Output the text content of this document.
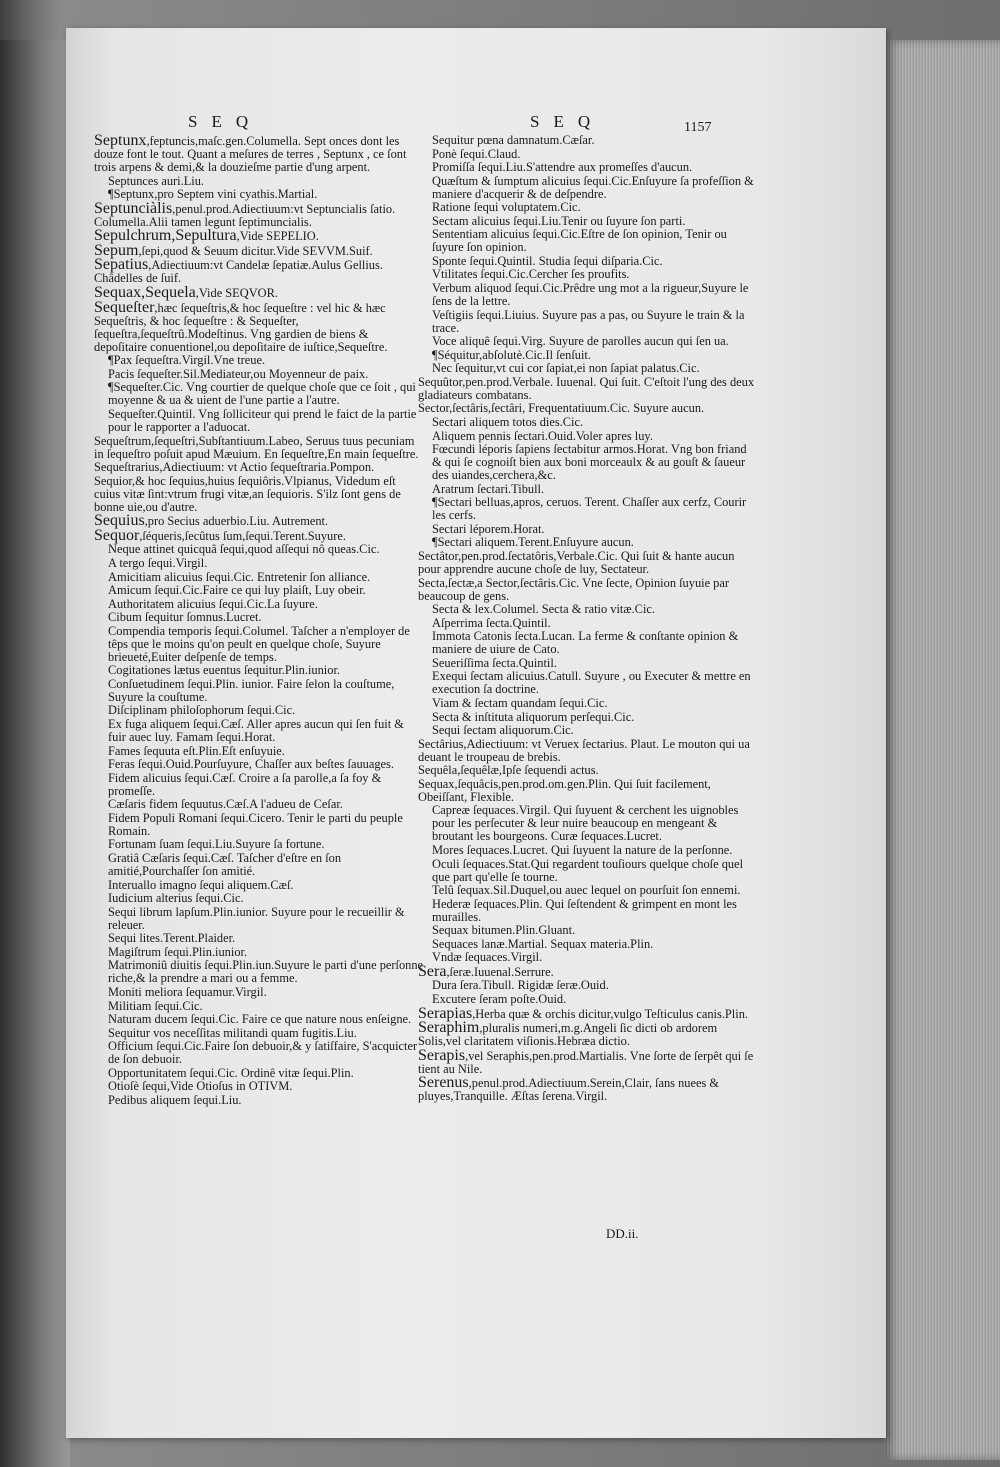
SEQ	SEQ	1157
Septunx,feptuncis,maſc.gen.Columella. Sept onces dont les douze font le tout. Quant a meſures de terres , Septunx , ce ſont trois arpens & demi,& la douzieſme partie d'ung arpent.
Septunces auri.Liu.
¶Septunx,pro Septem vini cyathis.Martial.
Septunciàlis,penul.prod.Adiectiuum:vt Septuncialis ſatio. Columella.Alii tamen legunt ſeptimuncialis.
Sepulchrum,Sepultura,Vide SEPELIO.
Sepum,ſepi,quod & Seuum dicitur.Vide SEVVM.Suif.
Sepatius,Adiectiuum:vt Candelæ ſepatiæ.Aulus Gellius. Châdelles de ſuif.
Sequax,Sequela,Vide SEQVOR.
Sequeſter,hæc ſequeſtris,& hoc ſequeſtre : vel hic & hæc Sequeſtris, & hoc ſequeſtre : & Sequeſter, ſequeſtra,ſequeſtrû.Modeſtinus. Vng gardien de biens & depoſitaire conuentionel,ou depoſitaire de iuſtice,Sequeſtre.
¶Pax ſequeſtra.Virgil.Vne treue.
Pacis ſequeſter.Sil.Mediateur,ou Moyenneur de paix.
¶Sequeſter.Cic. Vng courtier de quelque choſe que ce ſoit , qui moyenne & ua & uient de l'une partie a l'autre.
Sequeſter.Quintil. Vng ſolliciteur qui prend le faict de la partie pour le rapporter a l'aduocat.
Sequeſtrum,ſequeſtri,Subſtantiuum.Labeo, Seruus tuus pecuniam in ſequeſtro poſuit apud Mæuium. En ſequeſtre,En main ſequeſtre.
Sequeſtrarius,Adiectiuum: vt Actio ſequeſtraria.Pompon.
Sequior,& hoc ſequius,huius ſequiôris.Vlpianus, Videdum eſt cuius vitæ ſint:vtrum frugi vitæ,an ſequioris. S'ilz ſont gens de bonne uie,ou d'autre.
Sequius,pro Secius aduerbio.Liu. Autrement.
Sequor,ſéqueris,ſecûtus ſum,ſequi.Terent.Suyure.
Neque attinet quicquâ ſequi,quod aſſequi nô queas.Cic.
A tergo ſequi.Virgil.
Amicitiam alicuius ſequi.Cic. Entretenir ſon alliance.
Amicum ſequi.Cic.Faire ce qui luy plaiſt, Luy obeir.
Authoritatem alicuius ſequi.Cic.La ſuyure.
Cibum ſequitur ſomnus.Lucret.
Compendia temporis ſequi.Columel. Taſcher a n'employer de têps que le moins qu'on peult en quelque choſe, Suyure brieueté,Euiter deſpenſe de temps.
Cogitationes lætus euentus ſequitur.Plin.iunior.
Conſuetudinem ſequi.Plin. iunior. Faire ſelon la couſtume, Suyure la couſtume.
Diſciplinam philoſophorum ſequi.Cic.
Ex fuga aliquem ſequi.Cæſ. Aller apres aucun qui ſen fuit & fuir auec luy. Famam ſequi.Horat.
Fames ſequuta eſt.Plin.Eſt enſuyuie.
Feras ſequi.Ouid.Pourſuyure, Chaſſer aux beſtes ſauuages.
Fidem alicuius ſequi.Cæſ. Croire a ſa parolle,a ſa foy & promeſſe.
Cæſaris fidem ſequutus.Cæſ.A l'adueu de Ceſar.
Fidem Populi Romani ſequi.Cicero. Tenir le parti du peuple Romain.
Fortunam ſuam ſequi.Liu.Suyure ſa fortune.
Gratiâ Cæſaris ſequi.Cæſ. Taſcher d'eſtre en ſon amitié,Pourchaſſer ſon amitié.
Interuallo imagno ſequi aliquem.Cæſ.
Iudicium alterius ſequi.Cic.
Sequi librum lapſum.Plin.iunior. Suyure pour le recueillir & releuer.
Sequi lites.Terent.Plaider.
Magiſtrum ſequi.Plin.iunior.
Matrimoniû diuitis ſequi.Plin.iun.Suyure le parti d'une perſonne riche,& la prendre a mari ou a femme.
Moniti meliora ſequamur.Virgil.
Militiam ſequi.Cic.
Naturam ducem ſequi.Cic. Faire ce que nature nous enſeigne.
Sequitur vos neceſſitas militandi quam fugitis.Liu.
Officium ſequi.Cic.Faire ſon debuoir,& y ſatiſfaire, S'acquicter de ſon debuoir.
Opportunitatem ſequi.Cic. Ordinê vitæ ſequi.Plin.
Otioſè ſequi,Vide Otioſus in OTIVM.
Pedibus aliquem ſequi.Liu.
Sequitur pœna damnatum.Cæſar.
Ponè ſequi.Claud.
Promiſſa ſequi.Liu.S'attendre aux promeſſes d'aucun.
Quæſtum & ſumptum alicuius ſequi.Cic.Enſuyure ſa profeſſion & maniere d'acquerir & de deſpendre.
Ratione ſequi voluptatem.Cic.
Sectam alicuius ſequi.Liu.Tenir ou ſuyure ſon parti.
Sententiam alicuius ſequi.Cic.Eſtre de ſon opinion, Tenir ou ſuyure ſon opinion.
Sponte ſequi.Quintil. Studia ſequi diſparia.Cic.
Vtilitates ſequi.Cic.Cercher ſes proufits.
Verbum aliquod ſequi.Cic.Prêdre ung mot a la rigueur,Suyure le ſens de la lettre.
Veſtigiis ſequi.Liuius. Suyure pas a pas, ou Suyure le train & la trace.
Voce aliquê ſequi.Virg. Suyure de parolles aucun qui ſen ua.
¶Séquitur,abſolutè.Cic.Il ſenſuit.
Nec ſequitur,vt cui cor ſapiat,ei non ſapiat palatus.Cic.
Sequûtor,pen.prod.Verbale. Iuuenal. Qui ſuit. C'eſtoit l'ung des deux gladiateurs combatans.
Sector,ſectâris,ſectâri, Frequentatiuum.Cic. Suyure aucun.
Sectari aliquem totos dies.Cic.
Aliquem pennis ſectari.Ouid.Voler apres luy.
Fœcundi léporis ſapiens ſectabitur armos.Horat. Vng bon friand & qui ſe cognoiſt bien aux boni morceaulx & au gouſt & ſaueur des uiandes,cerchera,&c.
Aratrum ſectari.Tibull.
¶Sectari belluas,apros, ceruos. Terent. Chaſſer aux cerfz, Courir les cerfs.
Sectari léporem.Horat.
¶Sectari aliquem.Terent.Enſuyure aucun.
Sectâtor,pen.prod.ſectatôris,Verbale.Cic. Qui ſuit & hante aucun pour apprendre aucune choſe de luy, Sectateur.
Secta,ſectæ,a Sector,ſectâris.Cic. Vne ſecte, Opinion ſuyuie par beaucoup de gens.
Secta & lex.Columel. Secta & ratio vitæ.Cic.
Aſperrima ſecta.Quintil.
Immota Catonis ſecta.Lucan. La ferme & conſtante opinion & maniere de uiure de Cato.
Seueriſſima ſecta.Quintil.
Exequi ſectam alicuius.Catull. Suyure , ou Executer & mettre en execution ſa doctrine.
Viam & ſectam quandam ſequi.Cic.
Secta & inſtituta aliquorum perſequi.Cic.
Sequi ſectam aliquorum.Cic.
Sectârius,Adiectiuum: vt Veruex ſectarius. Plaut. Le mouton qui ua deuant le troupeau de brebis.
Sequêla,ſequêlæ,Ipſe ſequendi actus.
Sequax,ſequâcis,pen.prod.om.gen.Plin. Qui ſuit facilement, Obeiſſant, Flexible.
Capreæ ſequaces.Virgil. Qui ſuyuent & cerchent les uignobles pour les perſecuter & leur nuire beaucoup en mengeant & broutant les bourgeons. Curæ ſequaces.Lucret.
Mores ſequaces.Lucret. Qui ſuyuent la nature de la perſonne.
Oculi ſequaces.Stat.Qui regardent touſiours quelque choſe quel que part qu'elle ſe tourne.
Telû ſequax.Sil.Duquel,ou auec lequel on pourſuit ſon ennemi.
Hederæ ſequaces.Plin. Qui ſeſtendent & grimpent en mont les murailles.
Sequax bitumen.Plin.Gluant.
Sequaces lanæ.Martial. Sequax materia.Plin.
Vndæ ſequaces.Virgil.
Sera,ſeræ.Iuuenal.Serrure.
Dura ſera.Tibull. Rigidæ ſeræ.Ouid.
Excutere ſeram poſte.Ouid.
Serapias,Herba quæ & orchis dicitur,vulgo Teſticulus canis.Plin.
Seraphim,pluralis numeri,m.g.Angeli ſic dicti ob ardorem Solis,vel claritatem viſionis.Hebræa dictio.
Serapis,vel Seraphis,pen.prod.Martialis. Vne ſorte de ſerpêt qui ſe tient au Nile.
Serenus,penul.prod.Adiectiuum.Serein,Clair, ſans nuees & pluyes,Tranquille. Æſtas ſerena.Virgil.
DD.ii.
